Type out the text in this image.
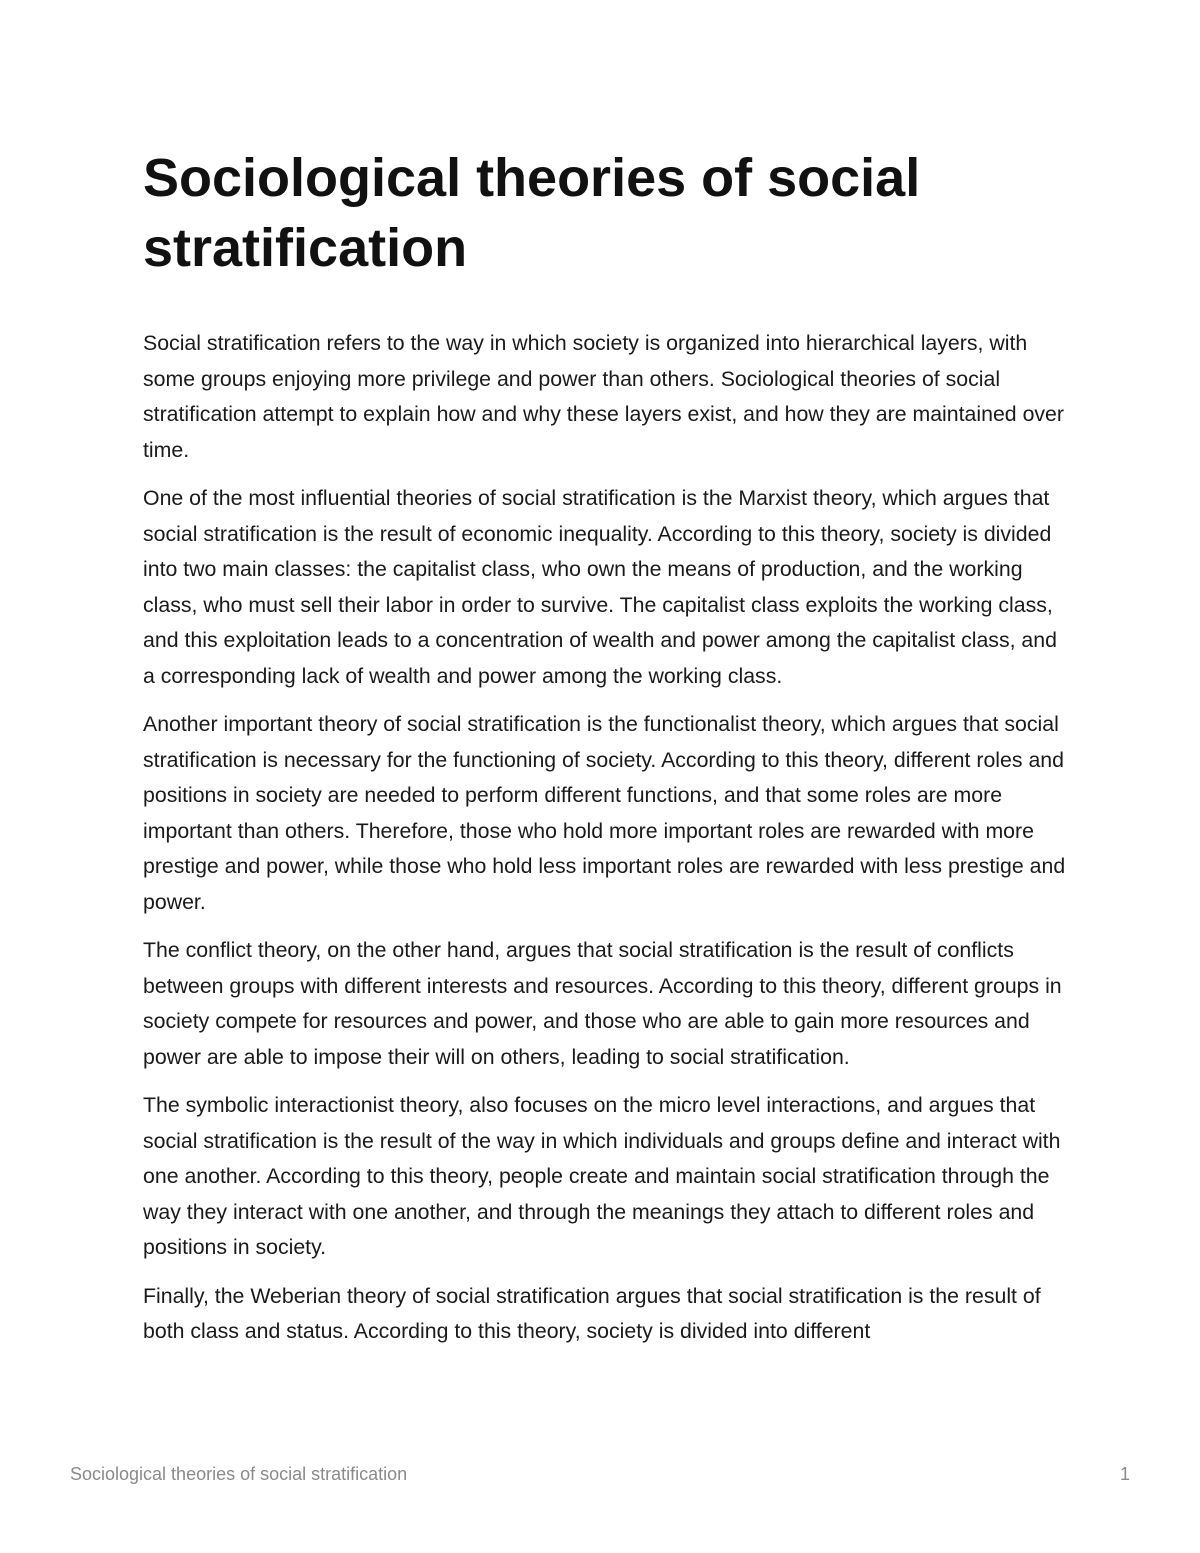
Sociological theories of social stratification

Social stratification refers to the way in which society is organized into hierarchical layers, with some groups enjoying more privilege and power than others. Sociological theories of social stratification attempt to explain how and why these layers exist, and how they are maintained over time.

One of the most influential theories of social stratification is the Marxist theory, which argues that social stratification is the result of economic inequality. According to this theory, society is divided into two main classes: the capitalist class, who own the means of production, and the working class, who must sell their labor in order to survive. The capitalist class exploits the working class, and this exploitation leads to a concentration of wealth and power among the capitalist class, and a corresponding lack of wealth and power among the working class.

Another important theory of social stratification is the functionalist theory, which argues that social stratification is necessary for the functioning of society. According to this theory, different roles and positions in society are needed to perform different functions, and that some roles are more important than others. Therefore, those who hold more important roles are rewarded with more prestige and power, while those who hold less important roles are rewarded with less prestige and power.

The conflict theory, on the other hand, argues that social stratification is the result of conflicts between groups with different interests and resources. According to this theory, different groups in society compete for resources and power, and those who are able to gain more resources and power are able to impose their will on others, leading to social stratification.

The symbolic interactionist theory, also focuses on the micro level interactions, and argues that social stratification is the result of the way in which individuals and groups define and interact with one another. According to this theory, people create and maintain social stratification through the way they interact with one another, and through the meanings they attach to different roles and positions in society.

Finally, the Weberian theory of social stratification argues that social stratification is the result of both class and status. According to this theory, society is divided into different

Sociological theories of social stratification	1
